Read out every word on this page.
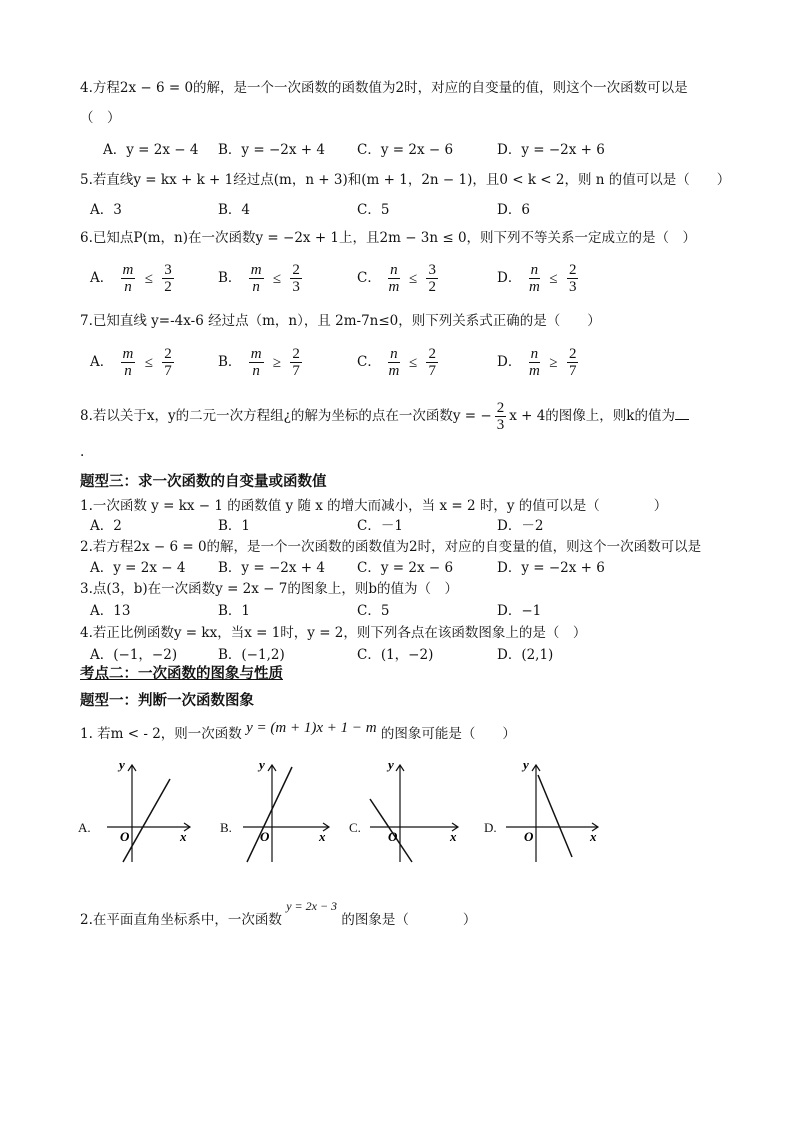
4.方程2x − 6 = 0的解，是一个一次函数的函数值为2时，对应的自变量的值，则这个一次函数可以是
（　）
A．y = 2x − 4 B．y = −2x + 4 C．y = 2x − 6	D．y = −2x + 6
5.若直线y = kx + k + 1经过点(m，n + 3)和(m + 1，2n − 1)，且0 < k < 2，则 n 的值可以是（　　）
A．3	B．4	C．5	D．6
6.已知点P(m，n)在一次函数y = −2x + 1上，且2m − 3n ≤ 0，则下列不等关系一定成立的是（　）
A． $\frac{m}{n} \le \frac{3}{2}$	B． $\frac{m}{n} \le \frac{2}{3}$	C． $\frac{n}{m} \le \frac{3}{2}$	D． $\frac{n}{m} \le \frac{2}{3}$
7.已知直线 y=-4x-6 经过点（m，n），且 2m-7n≤0，则下列关系式正确的是（　　）
A． $\frac{m}{n} \le \frac{2}{7}$	B． $\frac{m}{n} \ge \frac{2}{7}$	C． $\frac{n}{m} \le \frac{2}{7}$	D． $\frac{n}{m} \ge \frac{2}{7}$
8.若以关于x，y的二元一次方程组¿的解为坐标的点在一次函数y = − $\frac{2}{3}$ x + 4的图像上，则k的值为
.
题型三：求一次函数的自变量或函数值
1.一次函数 y = kx − 1 的函数值 y 随 x 的增大而减小，当 x = 2 时，y 的值可以是（　　　　）
A．2	B．1	C．－1	D．－2
2.若方程2x − 6 = 0的解，是一个一次函数的函数值为2时，对应的自变量的值，则这个一次函数可以是
A．y = 2x − 4 B．y = −2x + 4 C．y = 2x − 6	D．y = −2x + 6
3.点(3，b)在一次函数y = 2x − 7的图象上，则b的值为（　）
A．13	B．1	C．5	D．−1
4.若正比例函数y = kx，当x = 1时，y = 2，则下列各点在该函数图象上的是（　）
A．(−1，−2)	B．(−1,2)	C．(1，−2)	D．(2,1)
考点二：一次函数的图象与性质
题型一：判断一次函数图象
1. 若m < - 2，则一次函数 y = (m + 1)x + 1 − m 的图象可能是（　　）
A.	B.	C.	D.
y
x
O
y
x
O
y
x
O
y
x
O
2.在平面直角坐标系中，一次函数 y = 2x − 3 的图象是（　　　　）
